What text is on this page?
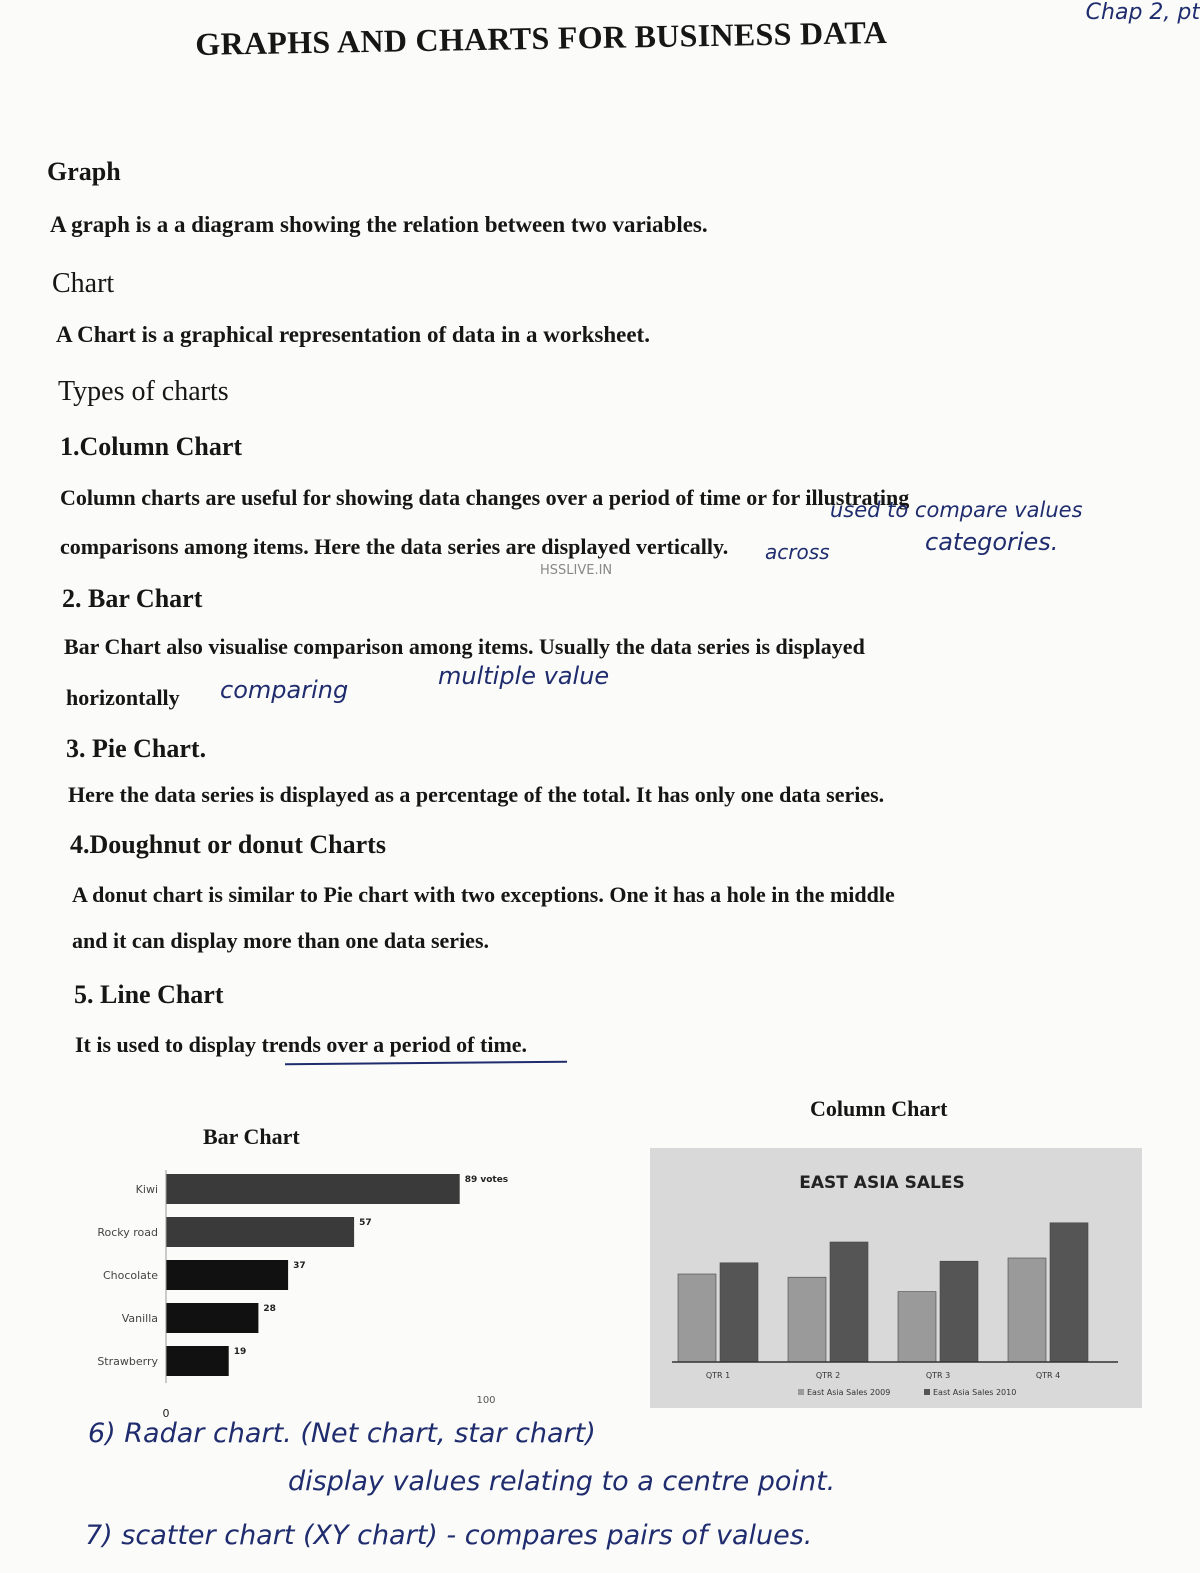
Chap 2, pt
GRAPHS AND CHARTS FOR BUSINESS DATA
Graph
A graph is a a diagram showing the relation between two variables.
Chart
A Chart is a graphical representation of data in a worksheet.
Types of charts
1.Column Chart
Column charts are useful for showing data changes over a period of time or for illustrating
comparisons among items. Here the data series are displayed vertically.
used to compare values
across	categories.
HSSLIVE.IN
2. Bar Chart
Bar Chart also visualise comparison among items. Usually the data series is displayed
horizontally comparing	multiple value
3. Pie Chart.
Here the data series is displayed as a percentage of the total. It has only one data series.
4.Doughnut or donut Charts
A donut chart is similar to Pie chart with two exceptions. One it has a hole in the middle
and it can display more than one data series.
5. Line Chart
It is used to display trends over a period of time.
Bar Chart
Kiwi
89 votes
Rocky road
57
Chocolate
37
Vanilla
28
Strawberry
19
0
100
Column Chart
EAST ASIA SALES
QTR 1	QTR 2	QTR 3	QTR 4
East Asia Sales 2009	East Asia Sales 2010
6) Radar chart. (Net chart, star chart)
display values relating to a centre point.
7) scatter chart (XY chart) - compares pairs of values.
